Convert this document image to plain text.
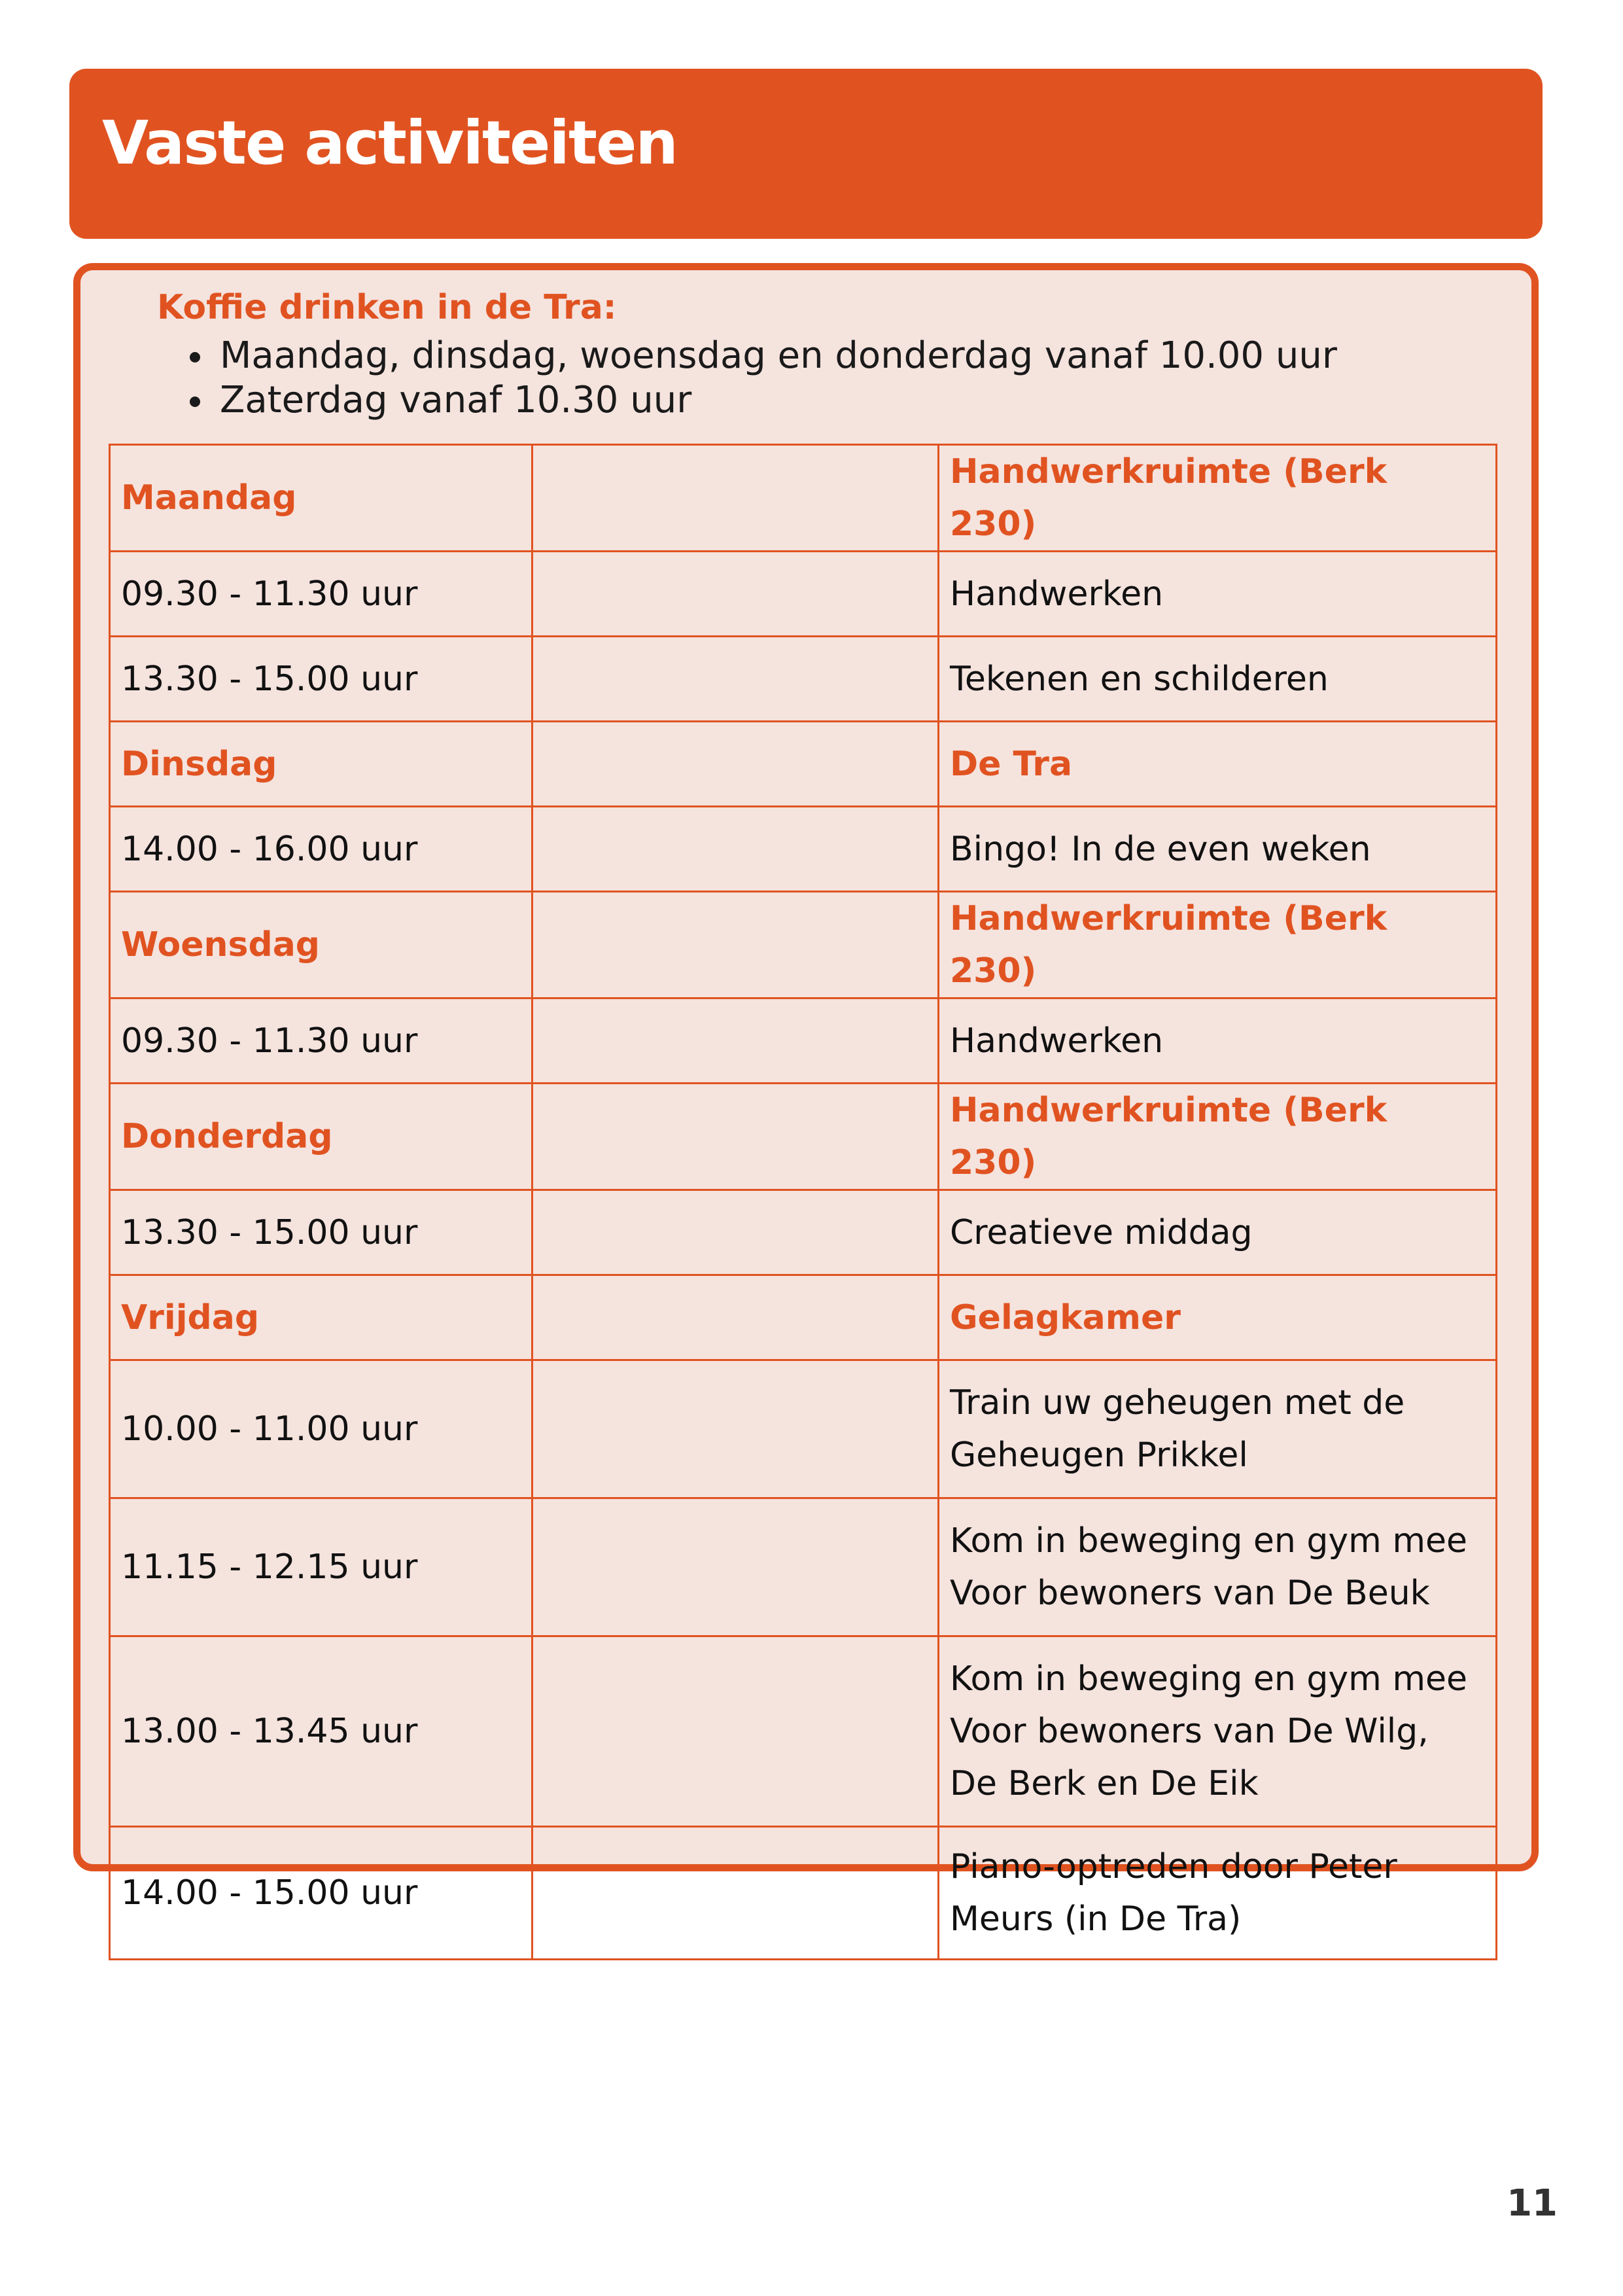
Vaste activiteiten
Koffie drinken in de Tra:
Maandag, dinsdag, woensdag en donderdag vanaf 10.00 uur
Zaterdag vanaf 10.30 uur
Maandag		Handwerkruimte (Berk 230)
09.30 - 11.30 uur		Handwerken
13.30 - 15.00 uur		Tekenen en schilderen
Dinsdag		De Tra
14.00 - 16.00 uur		Bingo! In de even weken
Woensdag		Handwerkruimte (Berk 230)
09.30 - 11.30 uur		Handwerken
Donderdag		Handwerkruimte (Berk 230)
13.30 - 15.00 uur		Creatieve middag
Vrijdag		Gelagkamer
10.00 - 11.00 uur		Train uw geheugen met de Geheugen Prikkel
11.15 - 12.15 uur		Kom in beweging en gym mee Voor bewoners van De Beuk
13.00 - 13.45 uur		Kom in beweging en gym mee Voor bewoners van De Wilg, De Berk en De Eik
14.00 - 15.00 uur		Piano-optreden door Peter Meurs (in De Tra)
11
